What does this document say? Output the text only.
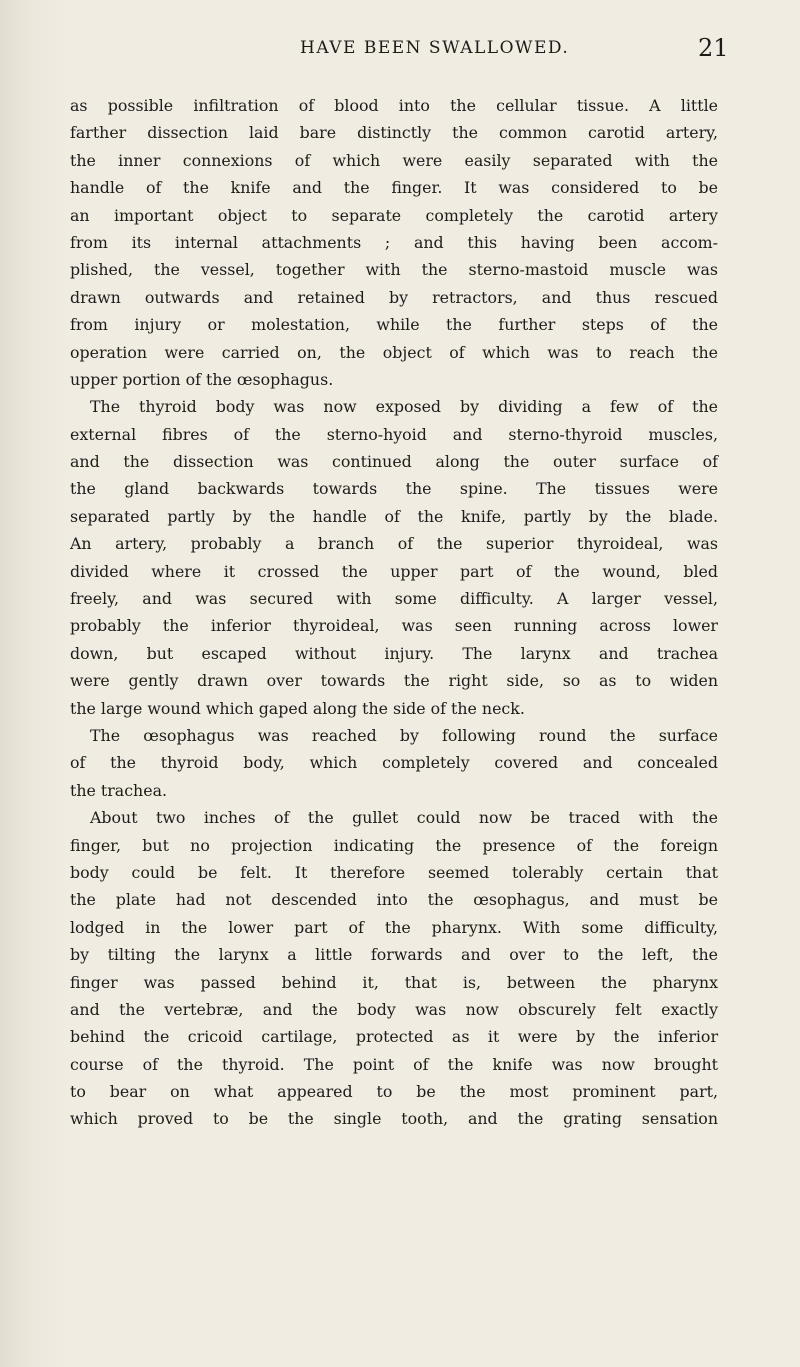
HAVE BEEN SWALLOWED.	21
as possible infiltration of blood into the cellular tissue. A little
farther dissection laid bare distinctly the common carotid artery,
the inner connexions of which were easily separated with the
handle of the knife and the finger. It was considered to be
an important object to separate completely the carotid artery
from its internal attachments ; and this having been accom-
plished, the vessel, together with the sterno-mastoid muscle was
drawn outwards and retained by retractors, and thus rescued
from injury or molestation, while the further steps of the
operation were carried on, the object of which was to reach the
upper portion of the œsophagus.
The thyroid body was now exposed by dividing a few of the
external fibres of the sterno-hyoid and sterno-thyroid muscles,
and the dissection was continued along the outer surface of
the gland backwards towards the spine. The tissues were
separated partly by the handle of the knife, partly by the blade.
An artery, probably a branch of the superior thyroideal, was
divided where it crossed the upper part of the wound, bled
freely, and was secured with some difficulty. A larger vessel,
probably the inferior thyroideal, was seen running across lower
down, but escaped without injury. The larynx and trachea
were gently drawn over towards the right side, so as to widen
the large wound which gaped along the side of the neck.
The œsophagus was reached by following round the surface
of the thyroid body, which completely covered and concealed
the trachea.
About two inches of the gullet could now be traced with the
finger, but no projection indicating the presence of the foreign
body could be felt. It therefore seemed tolerably certain that
the plate had not descended into the œsophagus, and must be
lodged in the lower part of the pharynx. With some difficulty,
by tilting the larynx a little forwards and over to the left, the
finger was passed behind it, that is, between the pharynx
and the vertebræ, and the body was now obscurely felt exactly
behind the cricoid cartilage, protected as it were by the inferior
course of the thyroid. The point of the knife was now brought
to bear on what appeared to be the most prominent part,
which proved to be the single tooth, and the grating sensation
